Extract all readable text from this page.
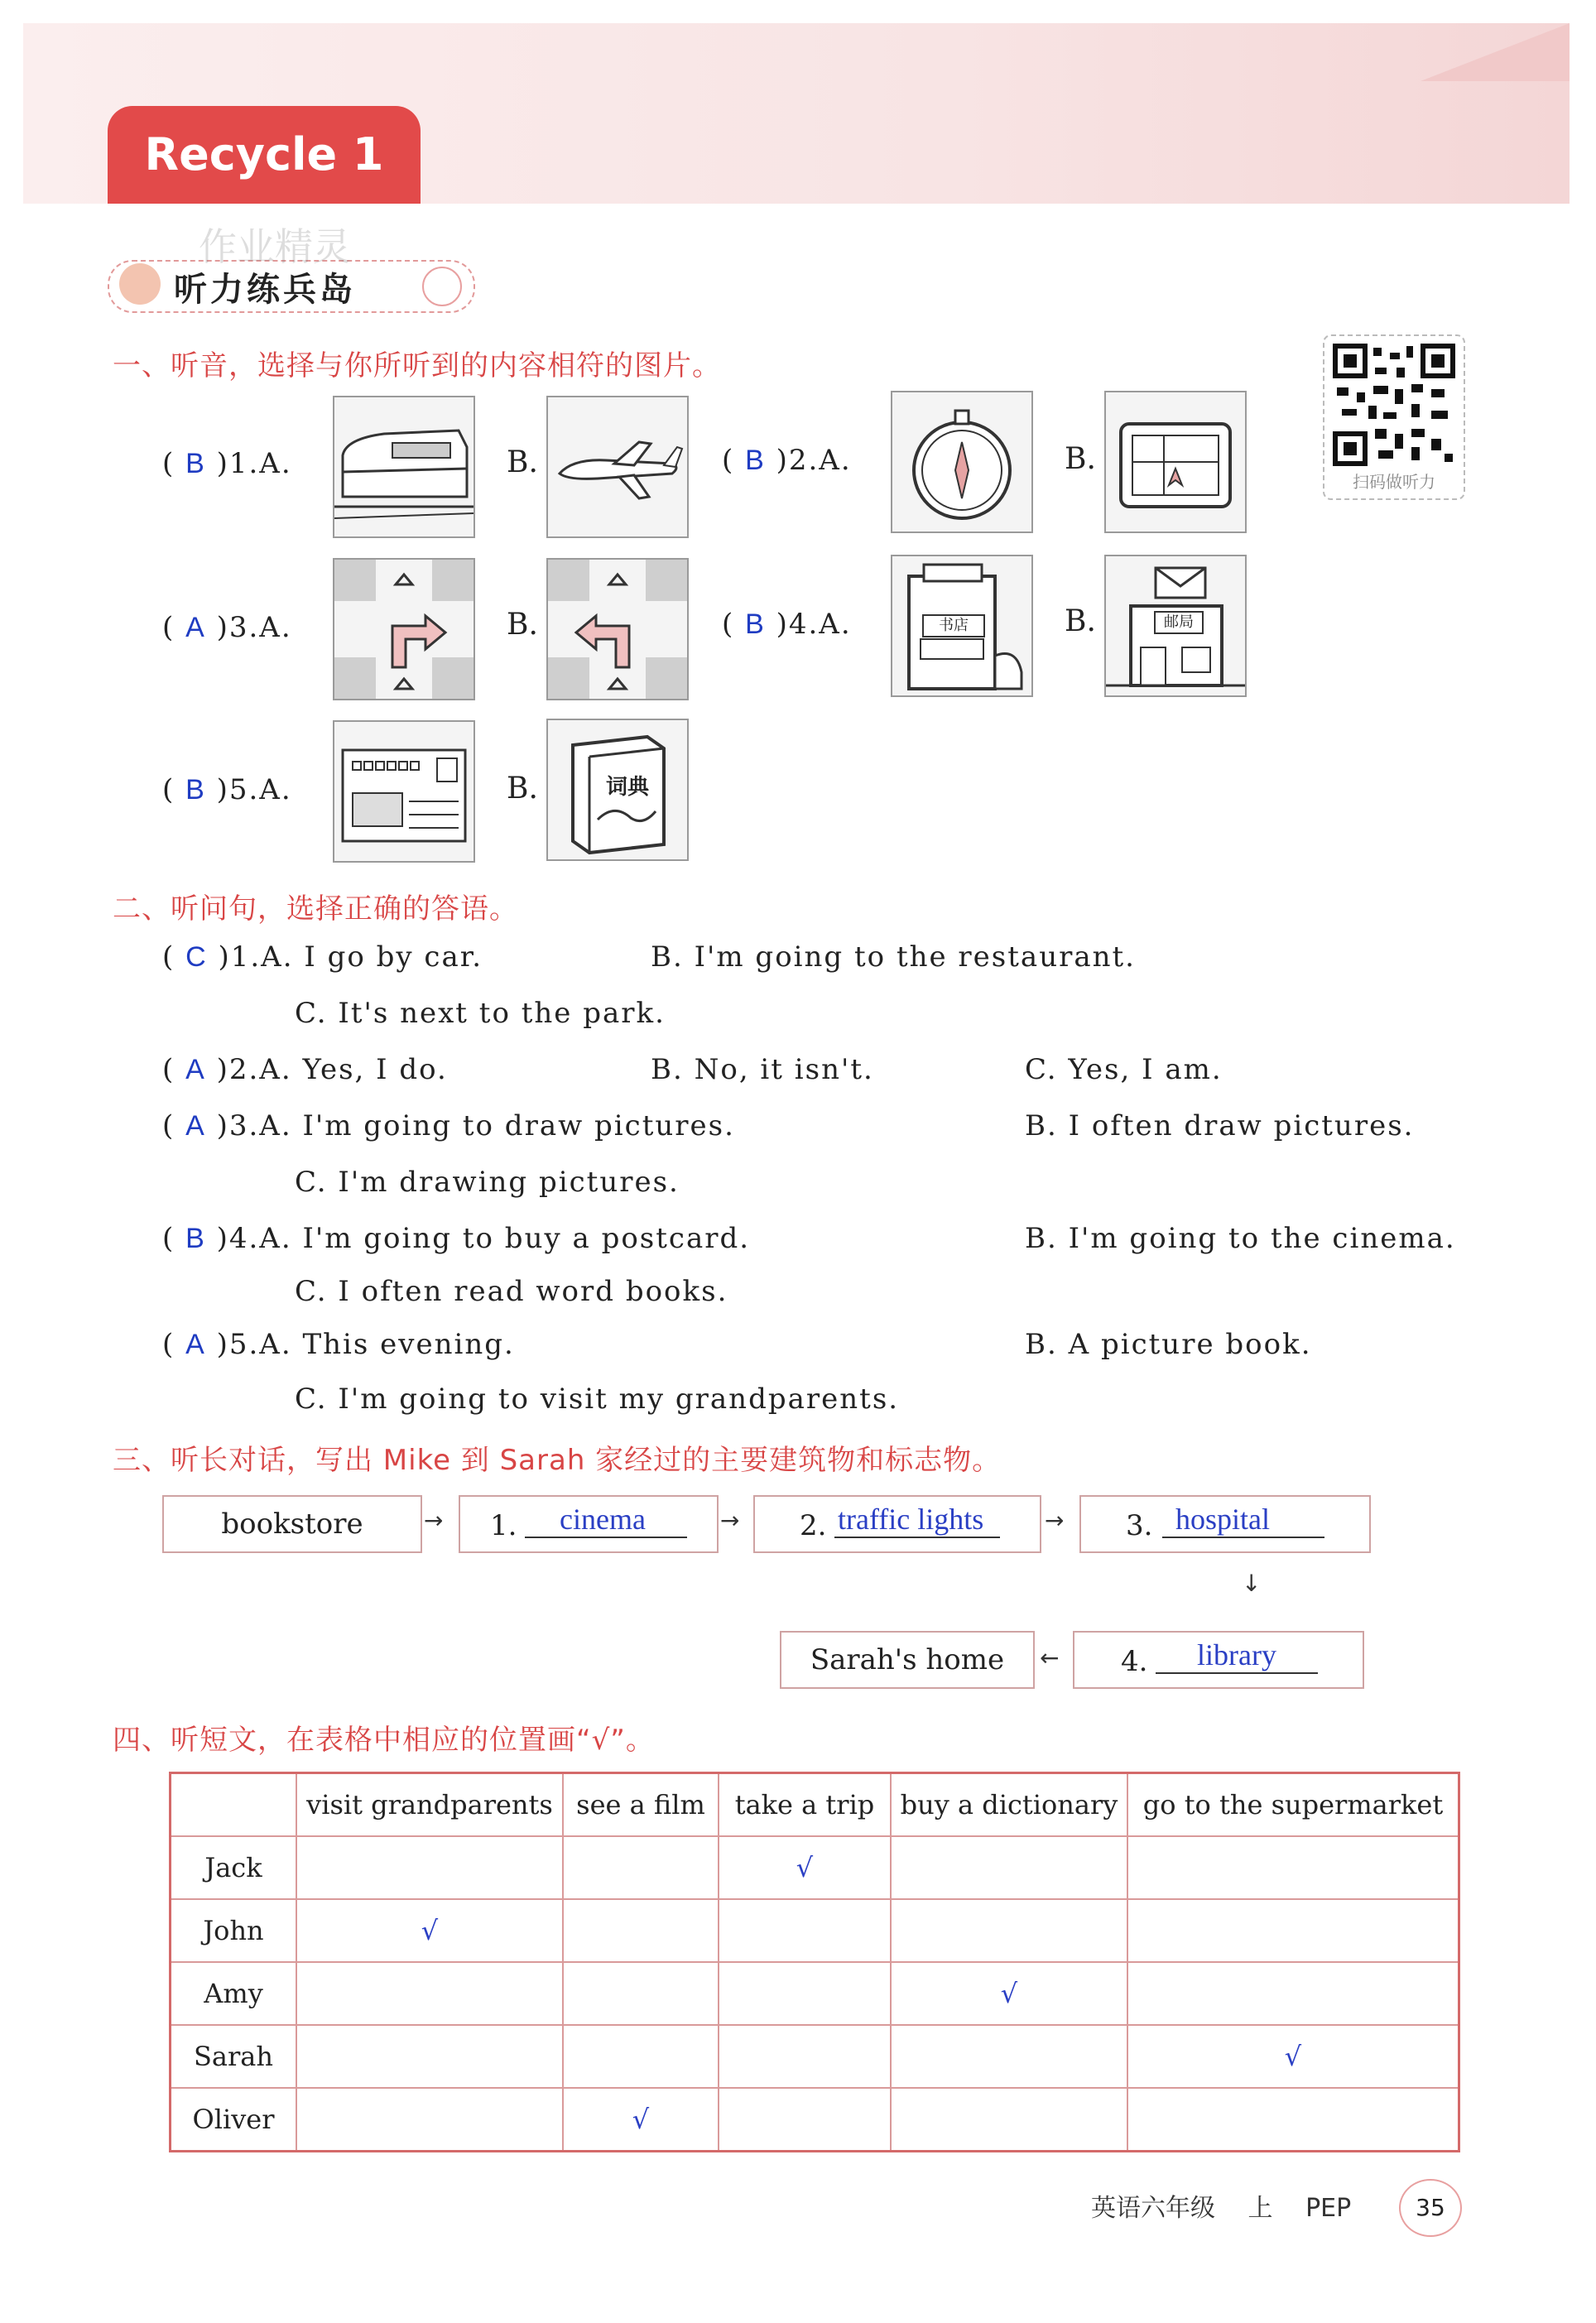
Recycle 1
听力练兵岛
作业精灵
扫码做听力
一、听音，选择与你所听到的内容相符的图片。
( B )1.A.	B.	( B )2.A.	B.
( A )3.A.	B.	( B )4.A.	书店	B.	邮局
( B )5.A.	B.	词典
二、听问句，选择正确的答语。
( C )1.A. I go by car.	B. I'm going to the restaurant.
C. It's next to the park.
( A )2.A. Yes, I do.	B. No, it isn't.	C. Yes, I am.
( A )3.A. I'm going to draw pictures.	B. I often draw pictures.
C. I'm drawing pictures.
( B )4.A. I'm going to buy a postcard.	B. I'm going to the cinema.
C. I often read word books.
( A )5.A. This evening.	B. A picture book.
C. I'm going to visit my grandparents.
三、听长对话，写出 Mike 到 Sarah 家经过的主要建筑物和标志物。
bookstore	→ 1. cinema	→ 2. traffic lights	→ 3. hospital
↓
4. library
←
Sarah's home
四、听短文，在表格中相应的位置画“√”。
	visit grandparents	see a film	take a trip	buy a dictionary	go to the supermarket
Jack			√		
John	√				
Amy				√	
Sarah					√
Oliver		√			
英语六年级 上 PEP	35
